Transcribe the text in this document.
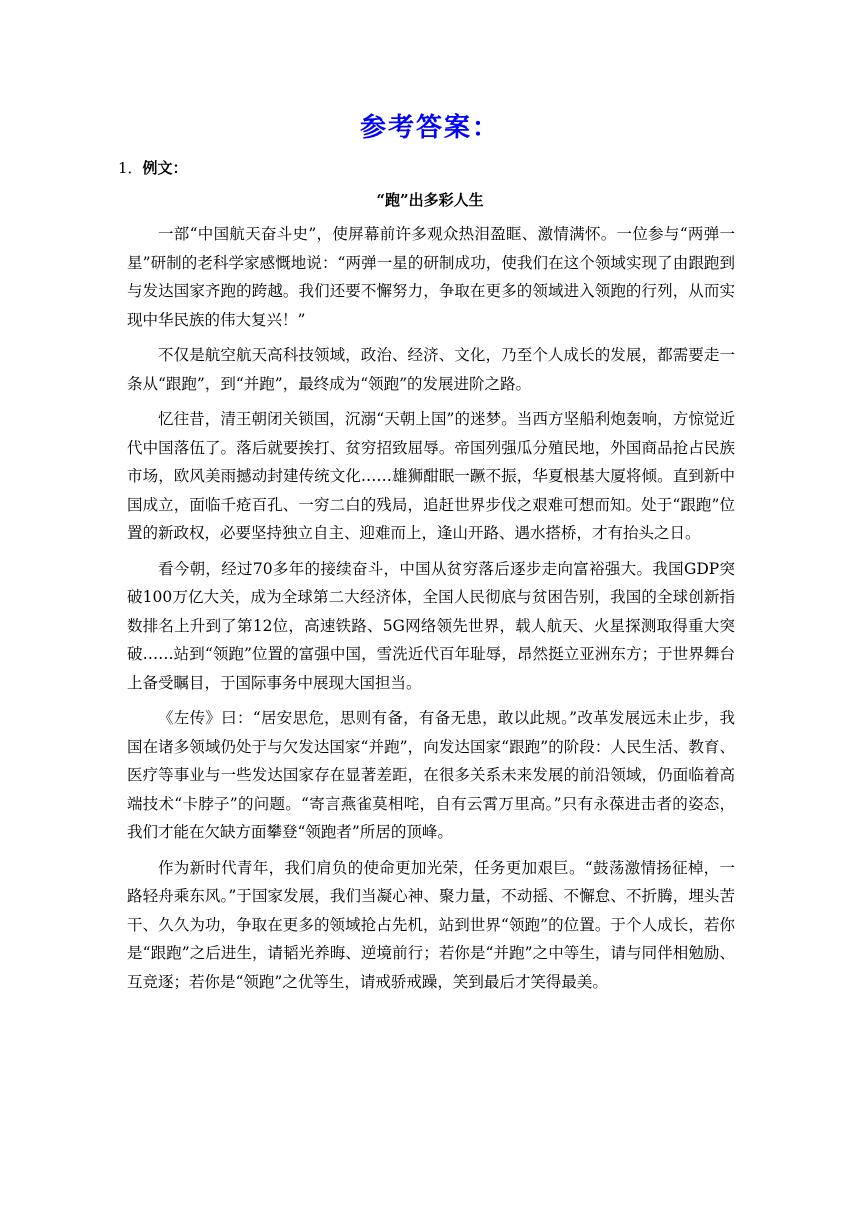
参考答案：
1．例文：
“跑”出多彩人生

一部“中国航天奋斗史”，使屏幕前许多观众热泪盈眶、激情满怀。一位参与“两弹一星”研制的老科学家感慨地说：“两弹一星的研制成功，使我们在这个领域实现了由跟跑到与发达国家齐跑的跨越。我们还要不懈努力，争取在更多的领域进入领跑的行列，从而实现中华民族的伟大复兴！”

不仅是航空航天高科技领域，政治、经济、文化，乃至个人成长的发展，都需要走一条从“跟跑”，到“并跑”，最终成为“领跑”的发展进阶之路。

忆往昔，清王朝闭关锁国，沉溺“天朝上国”的迷梦。当西方坚船利炮轰响，方惊觉近代中国落伍了。落后就要挨打、贫穷招致屈辱。帝国列强瓜分殖民地，外国商品抢占民族市场，欧风美雨撼动封建传统文化……雄狮酣眠一蹶不振，华夏根基大厦将倾。直到新中国成立，面临千疮百孔、一穷二白的残局，追赶世界步伐之艰难可想而知。处于“跟跑”位置的新政权，必要坚持独立自主、迎难而上，逢山开路、遇水搭桥，才有抬头之日。

看今朝，经过70多年的接续奋斗，中国从贫穷落后逐步走向富裕强大。我国GDP突破100万亿大关，成为全球第二大经济体，全国人民彻底与贫困告别，我国的全球创新指数排名上升到了第12位，高速铁路、5G网络领先世界，载人航天、火星探测取得重大突破……站到“领跑”位置的富强中国，雪洗近代百年耻辱，昂然挺立亚洲东方；于世界舞台上备受瞩目，于国际事务中展现大国担当。

《左传》曰：“居安思危，思则有备，有备无患，敢以此规。”改革发展远未止步，我国在诸多领域仍处于与欠发达国家“并跑”，向发达国家“跟跑”的阶段：人民生活、教育、医疗等事业与一些发达国家存在显著差距，在很多关系未来发展的前沿领域，仍面临着高端技术“卡脖子”的问题。“寄言燕雀莫相咤，自有云霄万里高。”只有永葆进击者的姿态，我们才能在欠缺方面攀登“领跑者”所居的顶峰。

作为新时代青年，我们肩负的使命更加光荣，任务更加艰巨。“鼓荡激情扬征棹，一路轻舟乘东风。”于国家发展，我们当凝心神、聚力量，不动摇、不懈怠、不折腾，埋头苦干、久久为功，争取在更多的领域抢占先机，站到世界“领跑”的位置。于个人成长，若你是“跟跑”之后进生，请韬光养晦、逆境前行；若你是“并跑”之中等生，请与同伴相勉励、互竞逐；若你是“领跑”之优等生，请戒骄戒躁，笑到最后才笑得最美。
